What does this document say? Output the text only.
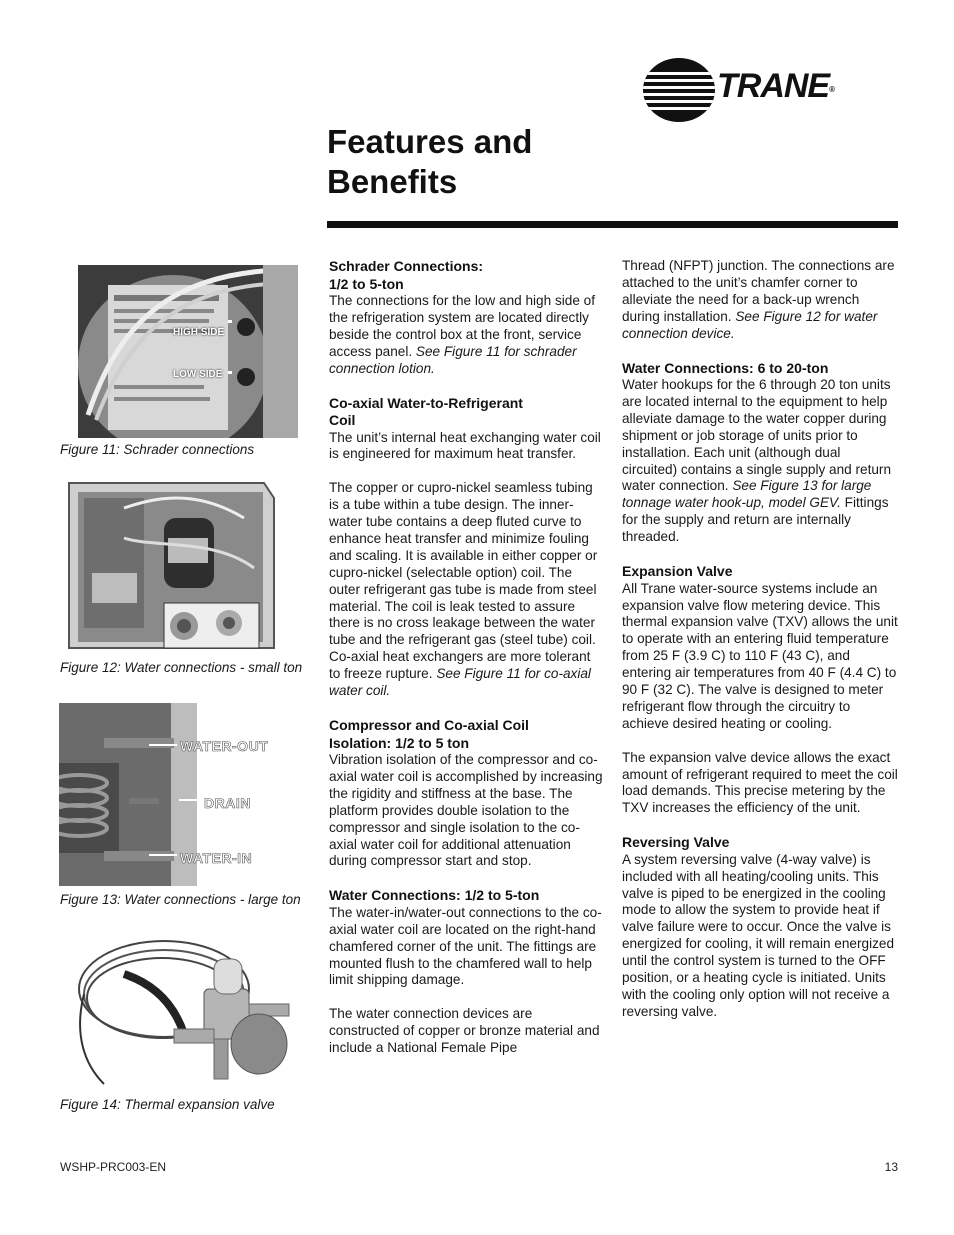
TRANE®
Features and
Benefits
HIGH SIDE
LOW SIDE
Figure 11: Schrader connections
Figure 12: Water connections - small ton
WATER-OUT
DRAIN
WATER-IN
Figure 13: Water connections - large ton
Figure 14: Thermal expansion valve
Schrader Connections:
1/2 to 5-ton

The connections for the low and high side of the refrigeration system are located directly beside the control box at the front, service access panel. See Figure 11 for schrader connection lotion.

Co-axial Water-to-Refrigerant
Coil

The unit’s internal heat exchanging water coil is engineered for maximum heat transfer.

The copper or cupro-nickel seamless tubing is a tube within a tube design. The inner-water tube contains a deep fluted curve to enhance heat transfer and minimize fouling and scaling. It is available in either copper or cupro-nickel (selectable option) coil. The outer refrigerant gas tube is made from steel material. The coil is leak tested to assure there is no cross leakage between the water tube and the refrigerant gas (steel tube) coil. Co-axial heat exchangers are more tolerant to freeze rupture. See Figure 11 for co-axial water coil.

Compressor and Co-axial Coil
Isolation: 1/2 to 5 ton

Vibration isolation of the compressor and co-axial water coil is accomplished by increasing the rigidity and stiffness at the base. The platform provides double isolation to the compressor and single isolation to the co-axial water coil for additional attenuation during compressor start and stop.

Water Connections: 1/2 to 5-ton

The water-in/water-out connections to the co-axial water coil are located on the right-hand chamfered corner of the unit. The fittings are mounted flush to the chamfered wall to help limit shipping damage.

The water connection devices are constructed of copper or bronze material and include a National Female Pipe

Thread (NFPT) junction. The connections are attached to the unit’s chamfer corner to alleviate the need for a back-up wrench during installation. See Figure 12 for water connection device.

Water Connections: 6 to 20-ton

Water hookups for the 6 through 20 ton units are located internal to the equipment to help alleviate damage to the water copper during shipment or job storage of units prior to installation. Each unit (although dual circuited) contains a single supply and return water connection. See Figure 13 for large tonnage water hook-up, model GEV. Fittings for the supply and return are internally threaded.

Expansion Valve

All Trane water-source systems include an expansion valve flow metering device. This thermal expansion valve (TXV) allows the unit to operate with an entering fluid temperature from 25 F (3.9 C) to 110 F (43 C), and entering air temperatures from 40 F (4.4 C) to 90 F (32 C). The valve is designed to meter refrigerant flow through the circuitry to achieve desired heating or cooling.

The expansion valve device allows the exact amount of refrigerant required to meet the coil load demands. This precise metering by the TXV increases the efficiency of the unit.

Reversing Valve

A system reversing valve (4-way valve) is included with all heating/cooling units. This valve is piped to be energized in the cooling mode to allow the system to provide heat if valve failure were to occur. Once the valve is energized for cooling, it will remain energized until the control system is turned to the OFF position, or a heating cycle is initiated. Units with the cooling only option will not receive a reversing valve.

WSHP-PRC003-EN	13
